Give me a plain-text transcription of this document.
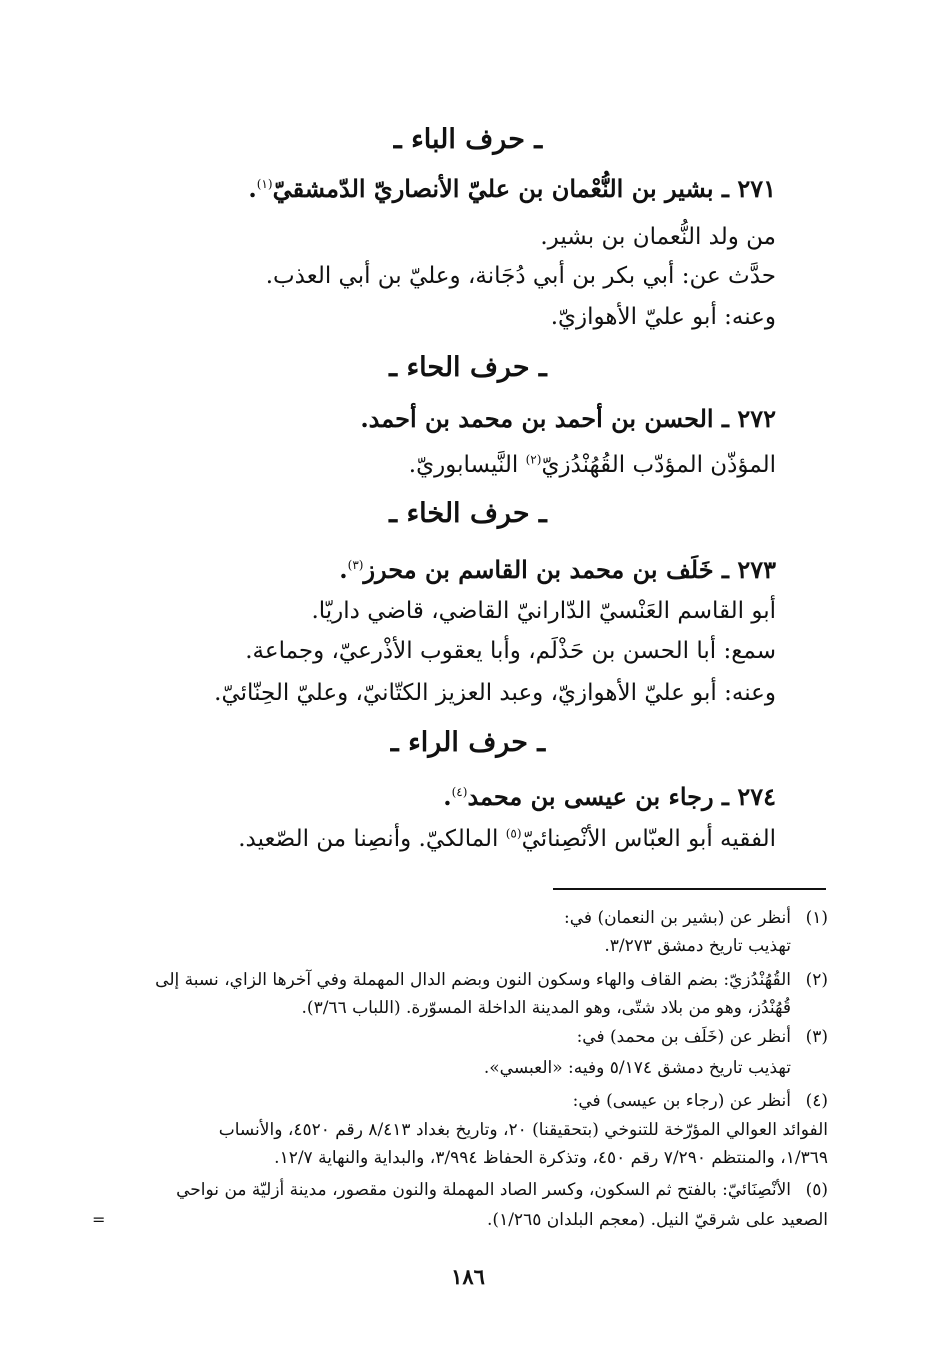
ـ حرف الباء ـ
٢٧١ ـ بشير بن النُّعْمان بن عليّ الأنصاريّ الدّمشقيّ$^{(١)}$.
من ولد النُّعمان بن بشير.
حدَّث عن: أبي بكر بن أبي دُجَانة، وعليّ بن أبي العذب.
وعنه: أبو عليّ الأهوازيّ.
ـ حرف الحاء ـ
٢٧٢ ـ الحسن بن أحمد بن محمد بن أحمد.
المؤذّن المؤدّب القُهُنْدُزيّ$^{(٢)}$ النَّيسابوريّ.
ـ حرف الخاء ـ
٢٧٣ ـ خَلَف بن محمد بن القاسم بن محرز$^{(٣)}$.
أبو القاسم العَنْسيّ الدّارانيّ القاضي، قاضي داريّا.
سمع: أبا الحسن بن حَذْلَم، وأبا يعقوب الأذْرعيّ، وجماعة.
وعنه: أبو عليّ الأهوازيّ، وعبد العزيز الكتّانيّ، وعليّ الحِنّائيّ.
ـ حرف الراء ـ
٢٧٤ ـ رجاء بن عيسى بن محمد$^{(٤)}$.
الفقيه أبو العبّاس الأنْصِنائيّ$^{(٥)}$ المالكيّ. وأنصِنا من الصّعيد.
(١)أنظر عن (بشير بن النعمان) في:
تهذيب تاريخ دمشق ٣/٢٧٣.
(٢)القُهُنْدُزيّ: بضم القاف والهاء وسكون النون وبضم الدال المهملة وفي آخرها الزاي، نسبة إلى
قُهُنْدُز، وهو من بلاد شتّى، وهو المدينة الداخلة المسوّرة. (اللباب ٣/٦٦).
(٣)أنظر عن (خَلَف بن محمد) في:
تهذيب تاريخ دمشق ٥/١٧٤ وفيه: «العبسي».
(٤)أنظر عن (رجاء بن عيسى) في:
الفوائد العوالي المؤرّخة للتنوخي (بتحقيقنا) ٢٠، وتاريخ بغداد ٨/٤١٣ رقم ٤٥٢٠، والأنساب
١/٣٦٩، والمنتظم ٧/٢٩٠ رقم ٤٥٠، وتذكرة الحفاظ ٣/٩٩٤، والبداية والنهاية ١٢/٧.
(٥)الأنْصِنَائيّ: بالفتح ثم السكون، وكسر الصاد المهملة والنون مقصور، مدينة أزليّة من نواحي
الصعيد على شرقيّ النيل. (معجم البلدان ١/٢٦٥).
=
١٨٦
